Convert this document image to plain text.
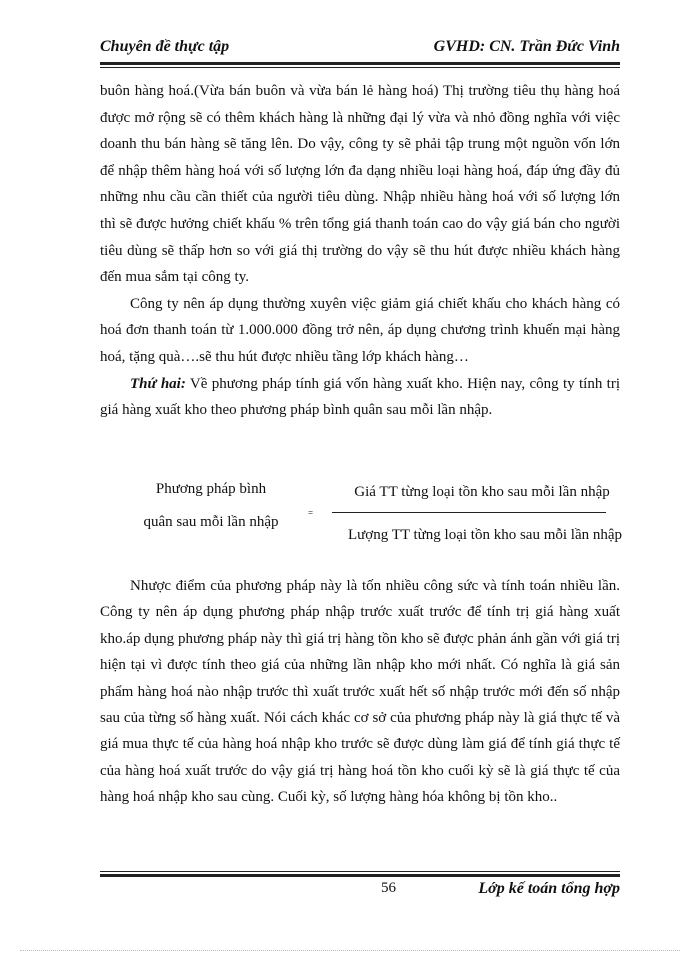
Chuyên đề thực tập	GVHD: CN. Trần Đức Vinh

buôn hàng hoá.(Vừa bán buôn và vừa bán lẻ hàng hoá) Thị trường tiêu thụ hàng hoá được mở rộng sẽ có thêm khách hàng là những đại lý vừa và nhỏ đồng nghĩa với việc doanh thu bán hàng sẽ tăng lên. Do vậy, công ty sẽ phải tập trung một nguồn vốn lớn để nhập thêm hàng hoá với số lượng lớn đa dạng nhiều loại hàng hoá, đáp ứng đầy đủ những nhu cầu cần thiết của người tiêu dùng. Nhập nhiều hàng hoá với số lượng lớn thì sẽ được hưởng chiết khấu % trên tổng giá thanh toán cao do vậy giá bán cho người tiêu dùng sẽ thấp hơn so với giá thị trường do vậy sẽ thu hút được nhiều khách hàng đến mua sắm tại công ty.

Công ty nên áp dụng thường xuyên việc giảm giá chiết khấu cho khách hàng có hoá đơn thanh toán từ 1.000.000 đồng trở nên, áp dụng chương trình khuến mại hàng hoá, tặng quà….sẽ thu hút được nhiều tầng lớp khách hàng…

Thứ hai: Về phương pháp tính giá vốn hàng xuất kho. Hiện nay, công ty tính trị giá hàng xuất kho theo phương pháp bình quân sau mỗi lần nhập.

Phương pháp bình
quân sau mỗi lần nhập
=
Giá TT từng loại tồn kho sau mỗi lần nhập
Lượng TT từng loại tồn kho sau mỗi lần nhập

Nhược điểm của phương pháp này là tốn nhiều công sức và tính toán nhiều lần. Công ty nên áp dụng phương pháp nhập trước xuất trước để tính trị giá hàng xuất kho.áp dụng phương pháp này thì giá trị hàng tồn kho sẽ được phản ánh gần với giá trị hiện tại vì được tính theo giá của những lần nhập kho mới nhất. Có nghĩa là giá sản phẩm hàng hoá nào nhập trước thì xuất trước xuất hết số nhập trước mới đến số nhập sau của từng số hàng xuất. Nói cách khác cơ sở của phương pháp này là giá thực tế và giá mua thực tế của hàng hoá nhập kho trước sẽ được dùng làm giá để tính giá thực tế của hàng hoá xuất trước do vậy giá trị hàng hoá tồn kho cuối kỳ sẽ là giá thực tế của hàng hoá nhập kho sau cùng. Cuối kỳ, số lượng hàng hóa không bị tồn kho..

56	Lớp kế toán tổng hợp
